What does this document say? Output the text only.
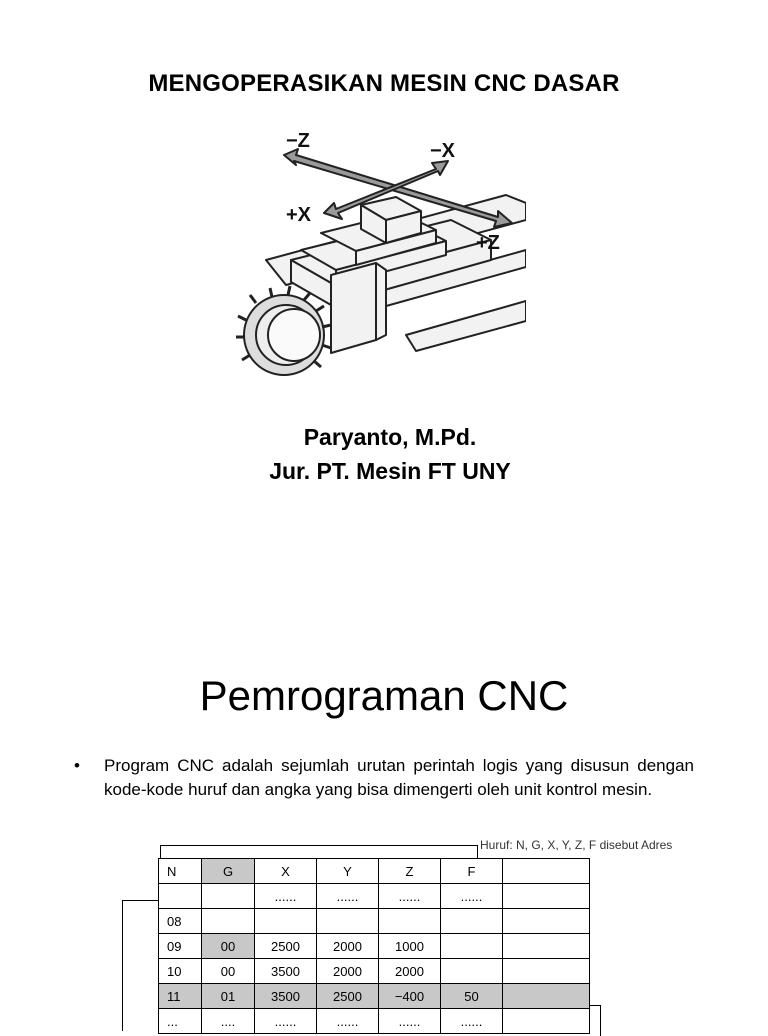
MENGOPERASIKAN MESIN CNC DASAR
−Z	−X
+X
+Z
Paryanto, M.Pd.
Jur. PT. Mesin FT UNY
Pemrograman CNC
•	Program CNC adalah sejumlah urutan perintah logis yang disusun dengan kode-kode huruf dan angka yang bisa dimengerti oleh unit kontrol mesin.
Huruf: N, G, X, Y, Z, F disebut Adres
N	G	X	Y	Z	F	
		......	......	......	......	
08						
09	00	2500	2000	1000		
10	00	3500	2000	2000		
11	01	3500	2500	−400	50	
...	....	......	......	......	......	
